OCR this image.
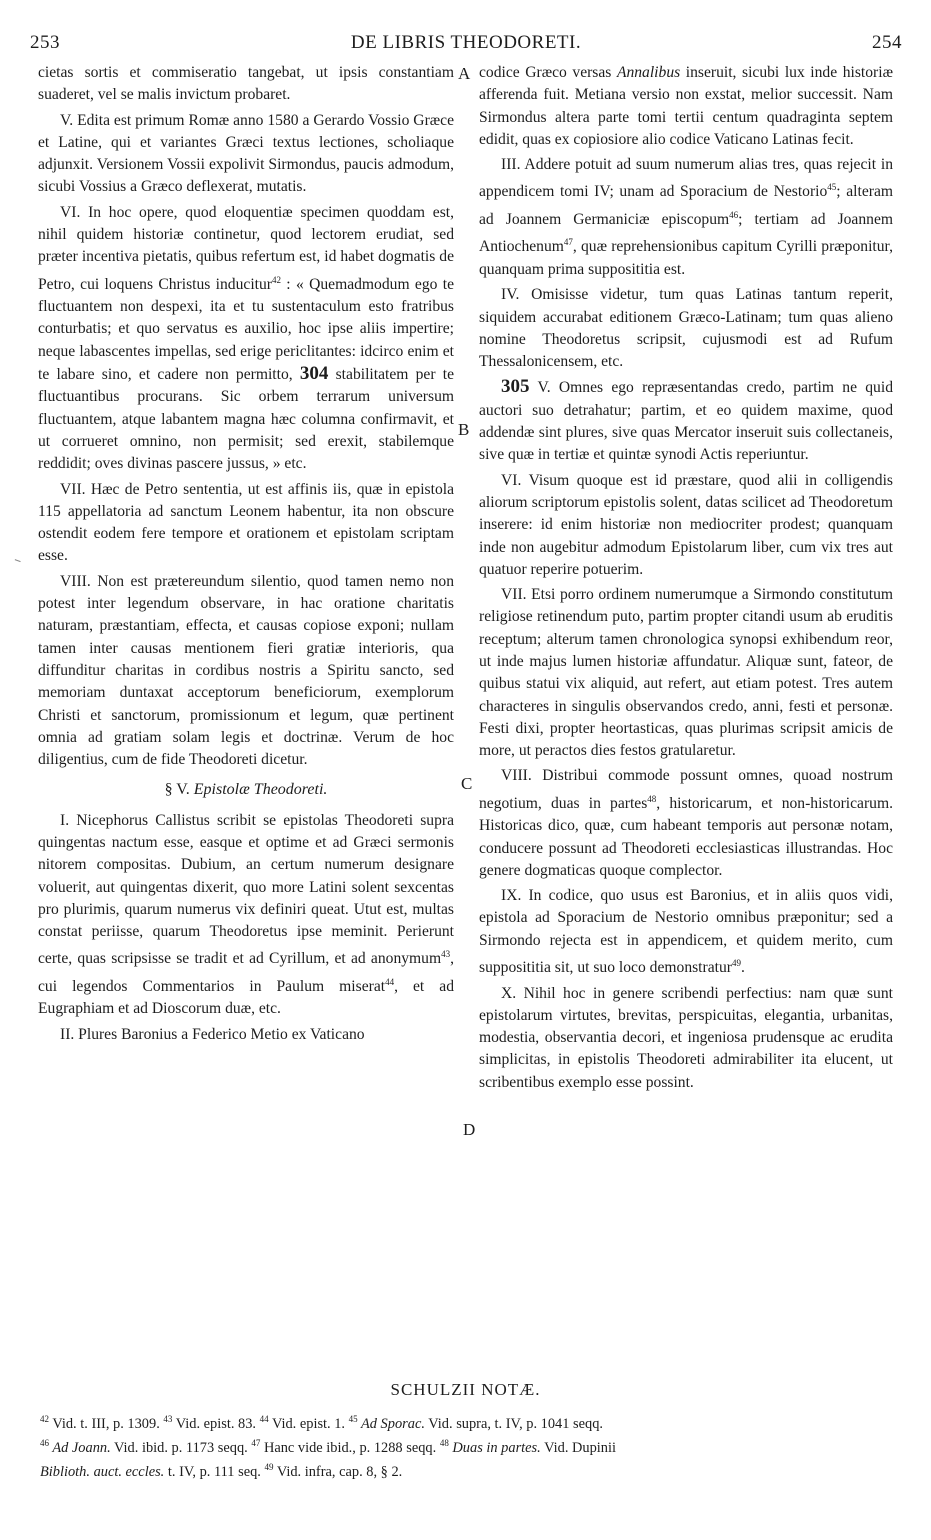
253	DE LIBRIS THEODORETI.	254
A
B
C
D

cietas sortis et commiseratio tangebat, ut ipsis constantiam suaderet, vel se malis invictum probaret.

V. Edita est primum Romæ anno 1580 a Gerardo Vossio Græce et Latine, qui et variantes Græci textus lectiones, scholiaque adjunxit. Versionem Vossii expolivit Sirmondus, paucis admodum, sicubi Vossius a Græco deflexerat, mutatis.

VI. In hoc opere, quod eloquentiæ specimen quoddam est, nihil quidem historiæ continetur, quod lectorem erudiat, sed præter incentiva pietatis, quibus refertum est, id habet dogmatis de Petro, cui loquens Christus inducitur$^{42}$ : « Quemadmodum ego te fluctuantem non despexi, ita et tu sustentaculum esto fratribus conturbatis; et quo servatus es auxilio, hoc ipse aliis impertire; neque labascentes impellas, sed erige periclitantes: idcirco enim et te labare sino, et cadere non permitto, 304 stabilitatem per te fluctuantibus procurans. Sic orbem terrarum universum fluctuantem, atque labantem magna hæc columna confirmavit, et ut corrueret omnino, non permisit; sed erexit, stabilemque reddidit; oves divinas pascere jussus, » etc.

VII. Hæc de Petro sententia, ut est affinis iis, quæ in epistola 115 appellatoria ad sanctum Leonem habentur, ita non obscure ostendit eodem fere tempore et orationem et epistolam scriptam esse.

VIII. Non est prætereundum silentio, quod tamen nemo non potest inter legendum observare, in hac oratione charitatis naturam, præstantiam, effecta, et causas copiose exponi; nullam tamen inter causas mentionem fieri gratiæ interioris, qua diffunditur charitas in cordibus nostris a Spiritu sancto, sed memoriam duntaxat acceptorum beneficiorum, exemplorum Christi et sanctorum, promissionum et legum, quæ pertinent omnia ad gratiam solam legis et doctrinæ. Verum de hoc diligentius, cum de fide Theodoreti dicetur.

§ V. Epistolæ Theodoreti.

I. Nicephorus Callistus scribit se epistolas Theodoreti supra quingentas nactum esse, easque et optime et ad Græci sermonis nitorem compositas. Dubium, an certum numerum designare voluerit, aut quingentas dixerit, quo more Latini solent sexcentas pro plurimis, quarum numerus vix definiri queat. Utut est, multas constat periisse, quarum Theodoretus ipse meminit. Perierunt certe, quas scripsisse se tradit et ad Cyrillum, et ad anonymum$^{43}$, cui legendos Commentarios in Paulum miserat$^{44}$, et ad Eugraphiam et ad Dioscorum duæ, etc.

II. Plures Baronius a Federico Metio ex Vaticano

codice Græco versas Annalibus inseruit, sicubi lux inde historiæ afferenda fuit. Metiana versio non exstat, melior successit. Nam Sirmondus altera parte tomi tertii centum quadraginta septem edidit, quas ex copiosiore alio codice Vaticano Latinas fecit.

III. Addere potuit ad suum numerum alias tres, quas rejecit in appendicem tomi IV; unam ad Sporacium de Nestorio$^{45}$; alteram ad Joannem Germaniciæ episcopum$^{46}$; tertiam ad Joannem Antiochenum$^{47}$, quæ reprehensionibus capitum Cyrilli præponitur, quanquam prima supposititia est.

IV. Omisisse videtur, tum quas Latinas tantum reperit, siquidem accurabat editionem Græco-Latinam; tum quas alieno nomine Theodoretus scripsit, cujusmodi est ad Rufum Thessalonicensem, etc.

305 V. Omnes ego repræsentandas credo, partim ne quid auctori suo detrahatur; partim, et eo quidem maxime, quod addendæ sint plures, sive quas Mercator inseruit suis collectaneis, sive quæ in tertiæ et quintæ synodi Actis reperiuntur.

VI. Visum quoque est id præstare, quod alii in colligendis aliorum scriptorum epistolis solent, datas scilicet ad Theodoretum inserere: id enim historiæ non mediocriter prodest; quanquam inde non augebitur admodum Epistolarum liber, cum vix tres aut quatuor reperire potuerim.

VII. Etsi porro ordinem numerumque a Sirmondo constitutum religiose retinendum puto, partim propter citandi usum ab eruditis receptum; alterum tamen chronologica synopsi exhibendum reor, ut inde majus lumen historiæ affundatur. Aliquæ sunt, fateor, de quibus statui vix aliquid, aut refert, aut etiam potest. Tres autem characteres in singulis observandos credo, anni, festi et personæ. Festi dixi, propter heortasticas, quas plurimas scripsit amicis de more, ut peractos dies festos gratularetur.

VIII. Distribui commode possunt omnes, quoad nostrum negotium, duas in partes$^{48}$, historicarum, et non-historicarum. Historicas dico, quæ, cum habeant temporis aut personæ notam, conducere possunt ad Theodoreti ecclesiasticas illustrandas. Hoc genere dogmaticas quoque complector.

IX. In codice, quo usus est Baronius, et in aliis quos vidi, epistola ad Sporacium de Nestorio omnibus præponitur; sed a Sirmondo rejecta est in appendicem, et quidem merito, cum supposititia sit, ut suo loco demonstratur$^{49}$.

X. Nihil hoc in genere scribendi perfectius: nam quæ sunt epistolarum virtutes, brevitas, perspicuitas, elegantia, urbanitas, modestia, observantia decori, et ingeniosa prudensque ac erudita simplicitas, in epistolis Theodoreti admirabiliter ita elucent, ut scribentibus exemplo esse possint.

SCHULZII NOTÆ.

$^{42}$ Vid. t. III, p. 1309. $^{43}$ Vid. epist. 83. $^{44}$ Vid. epist. 1. $^{45}$ Ad Sporac. Vid. supra, t. IV, p. 1041 seqq.

$^{46}$ Ad Joann. Vid. ibid. p. 1173 seqq. $^{47}$ Hanc vide ibid., p. 1288 seqq. $^{48}$ Duas in partes. Vid. Dupinii

Biblioth. auct. eccles. t. IV, p. 111 seq. $^{49}$ Vid. infra, cap. 8, § 2.
